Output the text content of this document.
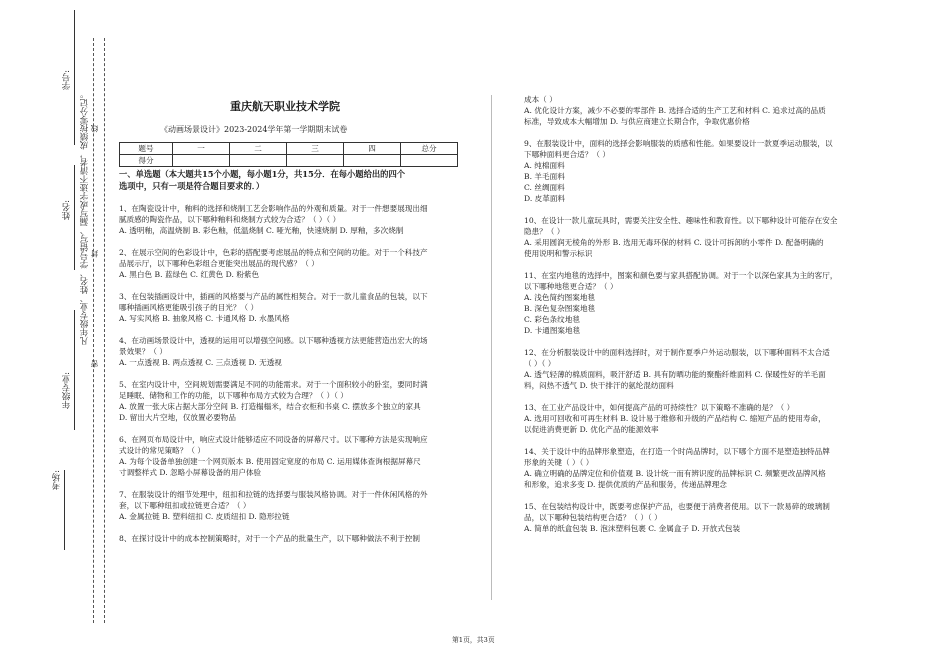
学号:
姓名:
年级专业:
考场:
凡年级专业、姓名、学号错写、漏写或字迹不清者，成绩按零分记。
密
封
线
重庆航天职业技术学院
《动画场景设计》2023-2024学年第一学期期末试卷
题号	一	二	三	四	总分
得分					

一、单选题（本大题共15个小题，每小题1分，共15分．在每小题给出的四个

选项中，只有一项是符合题目要求的．）

1、在陶瓷设计中，釉料的选择和烧制工艺会影响作品的外观和质量。对于一件想要展现出细

腻质感的陶瓷作品，以下哪种釉料和烧制方式较为合适？（ ）（ ）

A. 透明釉，高温烧制 B. 彩色釉，低温烧制 C. 哑光釉，快速烧制 D. 厚釉，多次烧制

2、在展示空间的色彩设计中，色彩的搭配要考虑展品的特点和空间的功能。对于一个科技产

品展示厅，以下哪种色彩组合更能突出展品的现代感？（ ）

A. 黑白色 B. 蓝绿色 C. 红黄色 D. 粉紫色

3、在包装插画设计中，插画的风格要与产品的属性相契合。对于一款儿童食品的包装，以下

哪种插画风格更能吸引孩子的目光？（ ）

A. 写实风格 B. 抽象风格 C. 卡通风格 D. 水墨风格

4、在动画场景设计中，透视的运用可以增强空间感。以下哪种透视方法更能营造出宏大的场

景效果？（ ）

A. 一点透视 B. 两点透视 C. 三点透视 D. 无透视

5、在室内设计中，空间规划需要满足不同的功能需求。对于一个面积较小的卧室，要同时满

足睡眠、储物和工作的功能，以下哪种布局方式较为合理？（ ）（ ）

A. 放置一张大床占据大部分空间 B. 打造榻榻米，结合衣柜和书桌 C. 摆放多个独立的家具

D. 留出大片空地，仅放置必要物品

6、在网页布局设计中，响应式设计能够适应不同设备的屏幕尺寸。以下哪种方法是实现响应

式设计的常见策略？（ ）

A. 为每个设备单独创建一个网页版本 B. 使用固定宽度的布局 C. 运用媒体查询根据屏幕尺

寸调整样式 D. 忽略小屏幕设备的用户体验

7、在服装设计的细节处理中，纽扣和拉链的选择要与服装风格协调。对于一件休闲风格的外

套，以下哪种纽扣或拉链更合适？（ ）

A. 金属拉链 B. 塑料纽扣 C. 皮质纽扣 D. 隐形拉链

8、在探讨设计中的成本控制策略时，对于一个产品的批量生产，以下哪种做法不利于控制

成本（ ）

A. 优化设计方案，减少不必要的零部件 B. 选择合适的生产工艺和材料 C. 追求过高的品质

标准，导致成本大幅增加 D. 与供应商建立长期合作，争取优惠价格

9、在服装设计中，面料的选择会影响服装的质感和性能。如果要设计一款夏季运动服装，以

下哪种面料更合适？（ ）

A. 纯棉面料

B. 羊毛面料

C. 丝绸面料

D. 皮革面料

10、在设计一款儿童玩具时，需要关注安全性、趣味性和教育性。以下哪种设计可能存在安全

隐患？（ ）

A. 采用圆润无棱角的外形 B. 选用无毒环保的材料 C. 设计可拆卸的小零件 D. 配备明确的

使用说明和警示标识

11、在室内地毯的选择中，图案和颜色要与家具搭配协调。对于一个以深色家具为主的客厅，

以下哪种地毯更合适？（ ）

A. 浅色简约图案地毯

B. 深色复杂图案地毯

C. 彩色条纹地毯

D. 卡通图案地毯

12、在分析服装设计中的面料选择时，对于制作夏季户外运动服装，以下哪种面料不太合适

（ ）（ ）

A. 透气轻薄的棉质面料，吸汗舒适 B. 具有防晒功能的聚酯纤维面料 C. 保暖性好的羊毛面

料，闷热不透气 D. 快干排汗的氨纶混纺面料

13、在工业产品设计中，如何提高产品的可持续性？以下策略不准确的是？（ ）

A. 选用可回收和可再生材料 B. 设计易于维修和升级的产品结构 C. 缩短产品的使用寿命，

以促进消费更新 D. 优化产品的能源效率

14、关于设计中的品牌形象塑造，在打造一个时尚品牌时，以下哪个方面不是塑造独特品牌

形象的关键（ ）（ ）

A. 确立明确的品牌定位和价值观 B. 设计统一而有辨识度的品牌标识 C. 频繁更改品牌风格

和形象，追求多变 D. 提供优质的产品和服务，传递品牌理念

15、在包装结构设计中，既要考虑保护产品，也要便于消费者使用。以下一款易碎的玻璃制

品，以下哪种包装结构更合适？（ ）（ ）

A. 简单的纸盒包装 B. 泡沫塑料包裹 C. 金属盒子 D. 开放式包装

第1页，共3页
